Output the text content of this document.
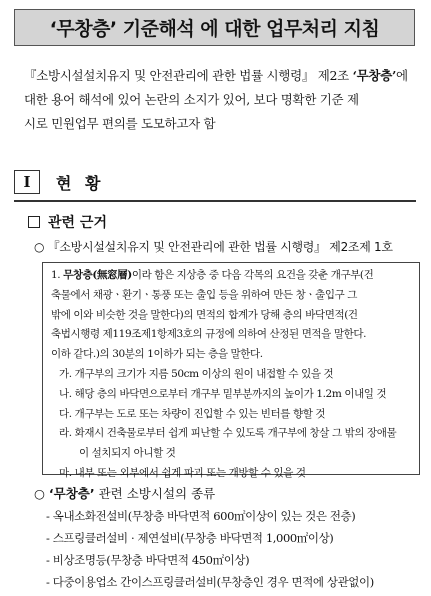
‘무창층’ 기준해석 에 대한 업무처리 지침

『소방시설설치유지 및 안전관리에 관한 법률 시행령』 제2조 ‘무창층’에

대한 용어 해석에 있어 논란의 소지가 있어, 보다 명확한 기준 제

시로 민원업무 편의를 도모하고자 함

Ⅰ	현 황
관련 근거
○ 『소방시설설치유지 및 안전관리에 관한 법률 시행령』 제2조제 1호

1. 무창층(無窓層)이라 함은 지상층 중 다음 각목의 요건을 갖춘 개구부(건

축물에서 채광ㆍ환기ㆍ통풍 또는 출입 등을 위하여 만든 창ㆍ출입구 그

밖에 이와 비슷한 것을 말한다)의 면적의 합계가 당해 층의 바닥면적(건

축법시행령 제119조제1항제3호의 규정에 의하여 산정된 면적을 말한다.

이하 같다.)의 30분의 1이하가 되는 층을 말한다.

가. 개구부의 크기가 지름 50cm 이상의 원이 내접할 수 있을 것

나. 해당 층의 바닥면으로부터 개구부 밑부분까지의 높이가 1.2m 이내일 것

다. 개구부는 도로 또는 차량이 진입할 수 있는 빈터를 향할 것

라. 화재시 건축물로부터 쉽게 피난할 수 있도록 개구부에 창살 그 밖의 장애물

이 설치되지 아니할 것

마. 내부 또는 외부에서 쉽게 파괴 또는 개방할 수 있을 것

○ ‘무창층’ 관련 소방시설의 종류
- 옥내소화전설비(무창층 바닥면적 600㎡이상이 있는 것은 전층)
- 스프링클러설비 · 제연설비(무창층 바닥면적 1,000㎡이상)
- 비상조명등(무창층 바닥면적 450㎡이상)
- 다중이용업소 간이스프링클러설비(무창층인 경우 면적에 상관없이)
